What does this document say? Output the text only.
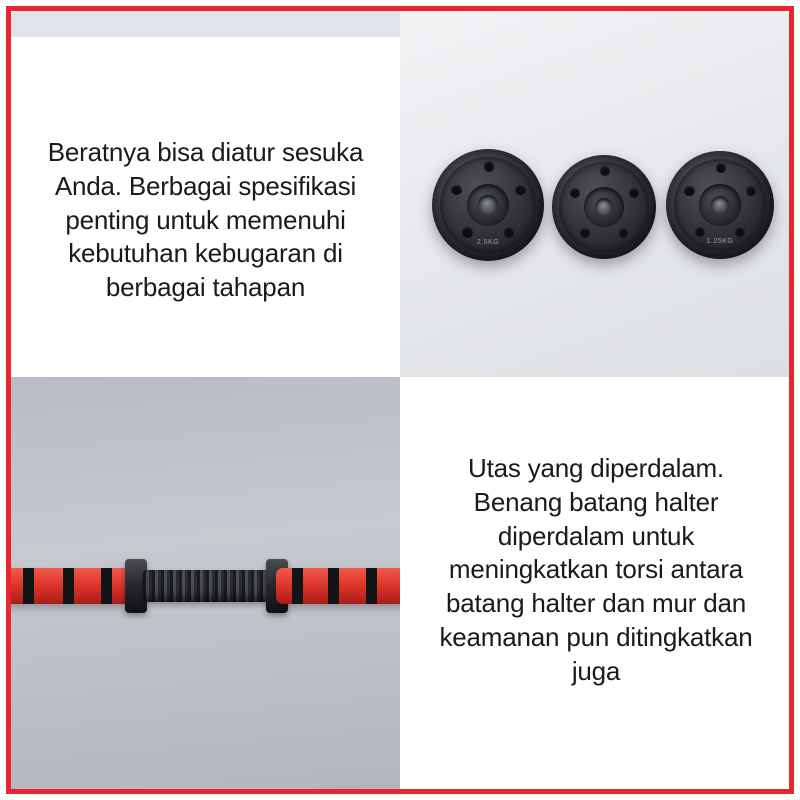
Beratnya bisa diatur sesuka Anda. Berbagai spesifikasi penting untuk memenuhi kebutuhan kebugaran di berbagai tahapan
2.5KG	1.25KG
Utas yang diperdalam. Benang batang halter diperdalam untuk meningkatkan torsi antara batang halter dan mur dan keamanan pun ditingkatkan juga
